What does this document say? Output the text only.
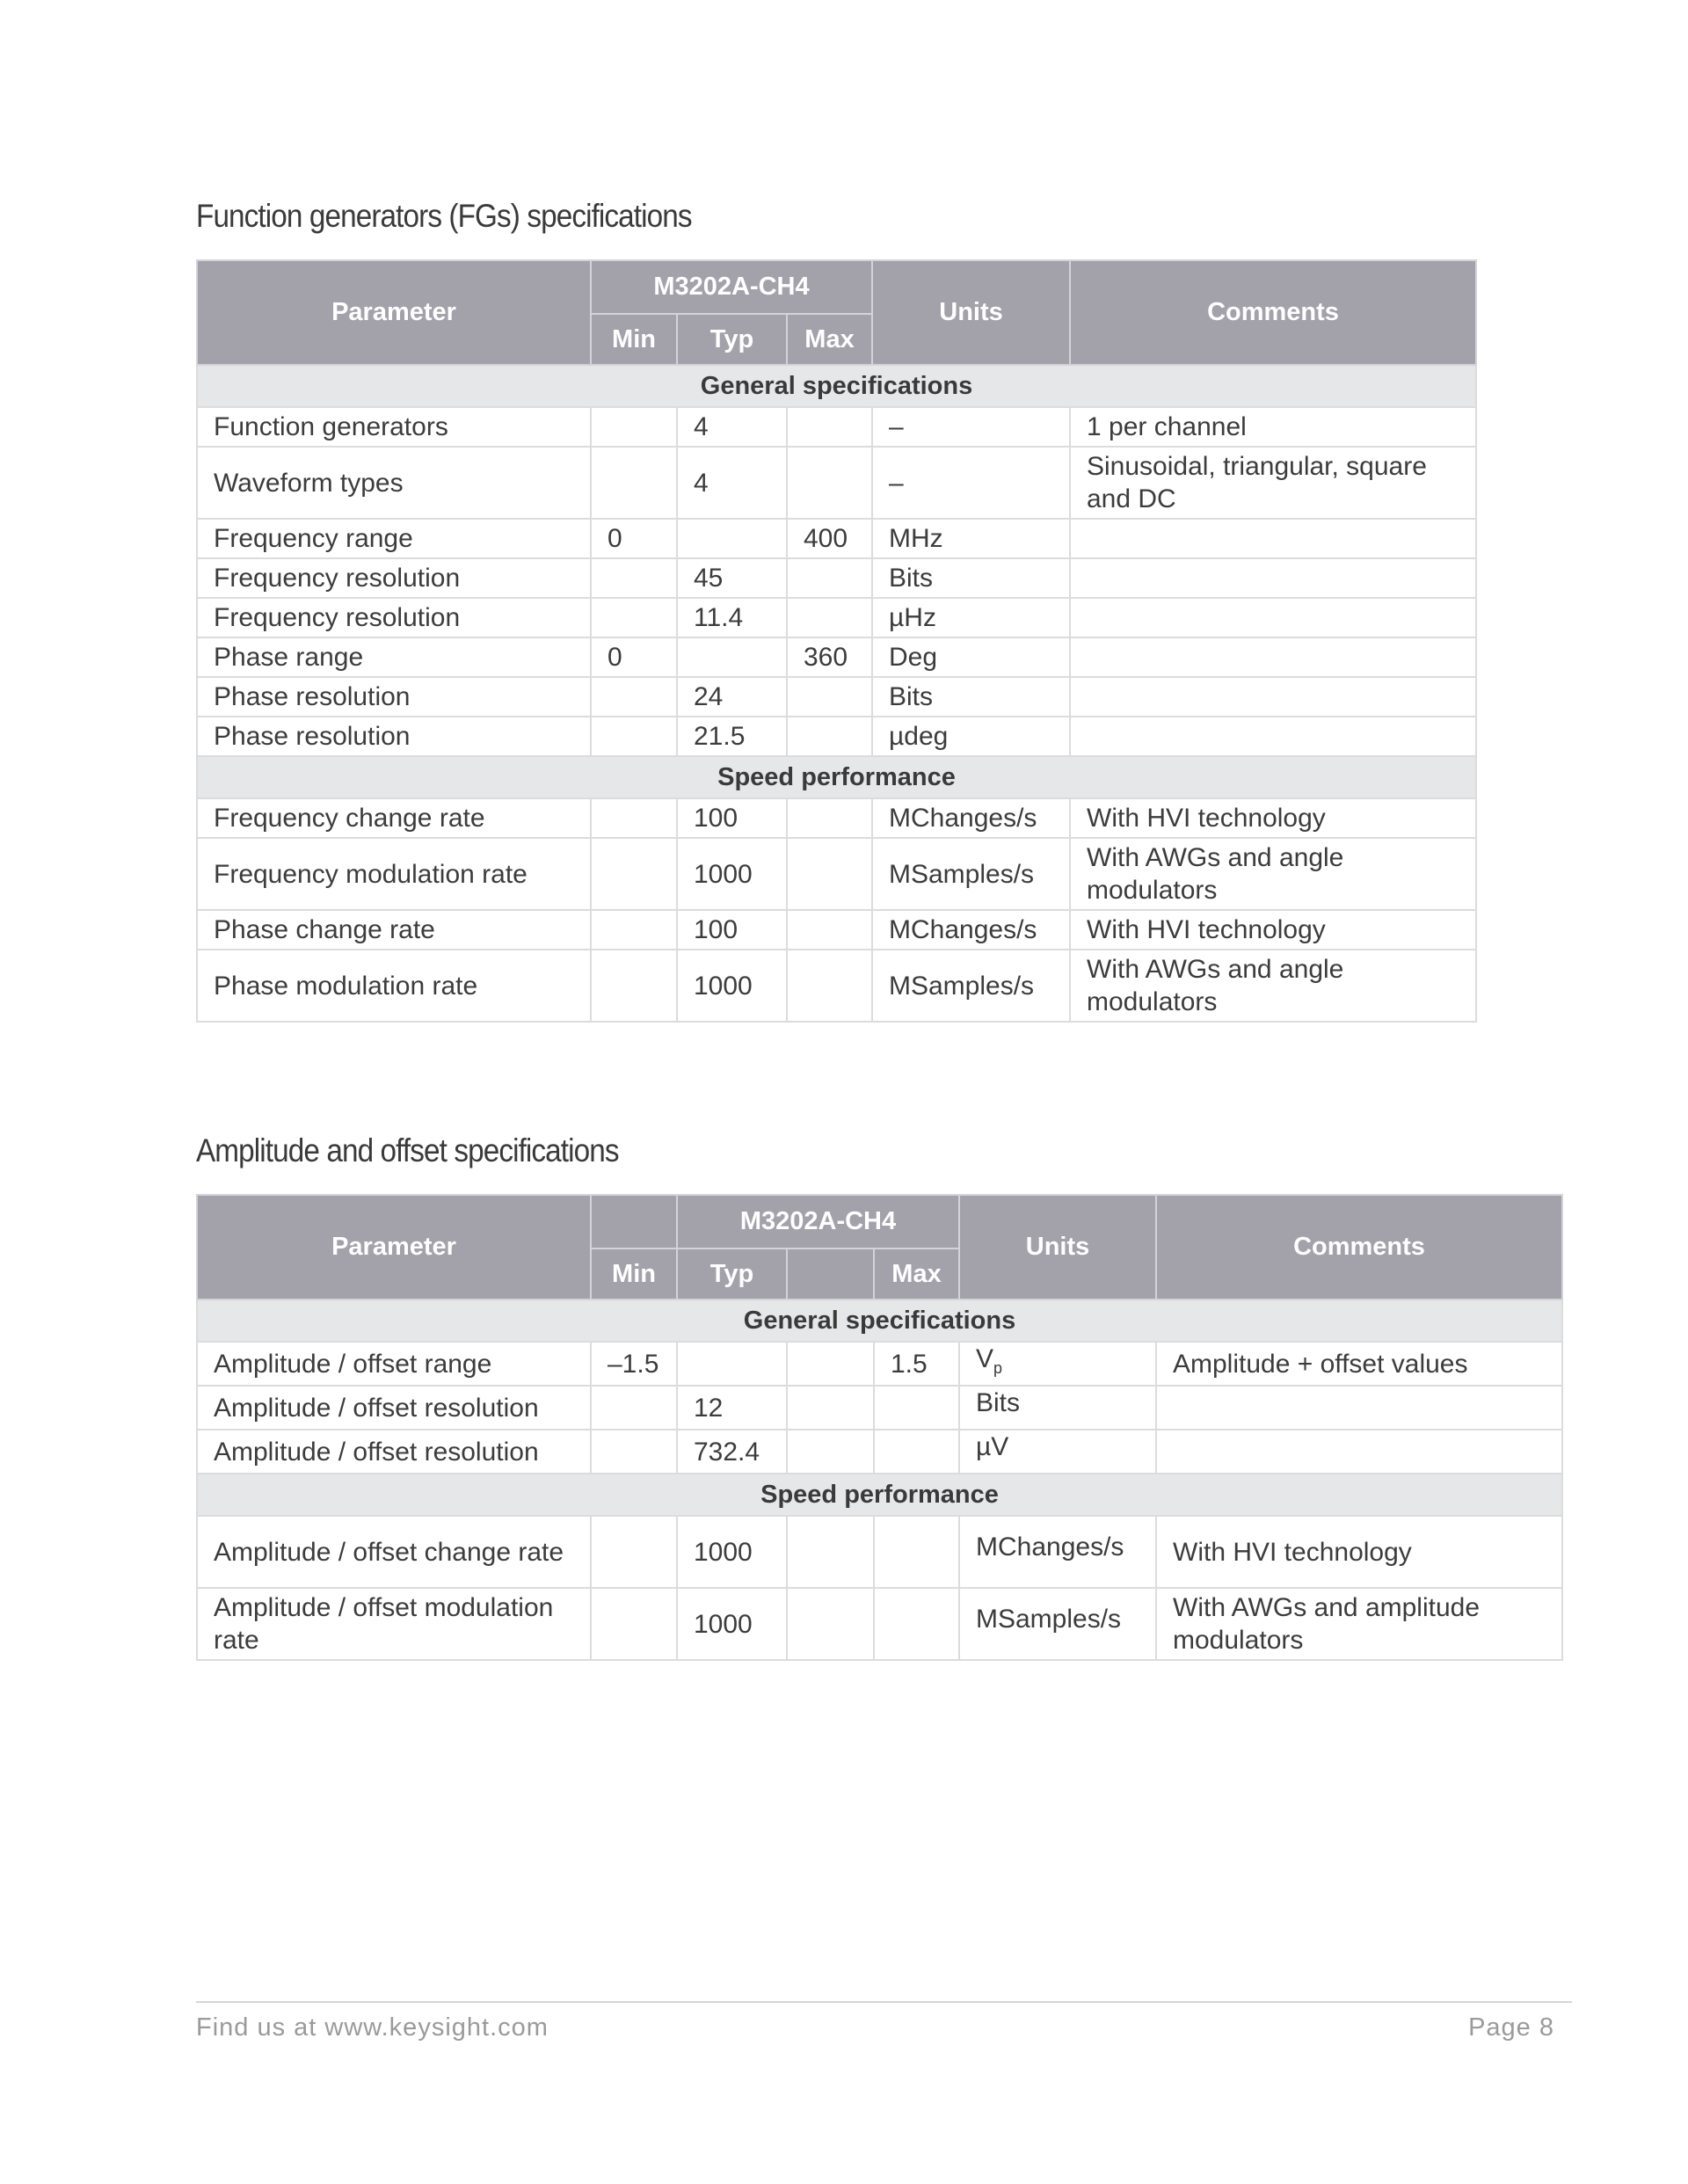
Function generators (FGs) specifications
Parameter	M3202A-CH4			Units	Comments
	Min	Typ	Max		
General specifications					
Function generators		4		–	1 per channel
Waveform types		4		–	Sinusoidal, triangular, square and DC
Frequency range	0		400	MHz	
Frequency resolution		45		Bits	
Frequency resolution		11.4		µHz	
Phase range	0		360	Deg	
Phase resolution		24		Bits	
Phase resolution		21.5		µdeg	
Speed performance					
Frequency change rate		100		MChanges/s	With HVI technology
Frequency modulation rate		1000		MSamples/s	With AWGs and angle modulators
Phase change rate		100		MChanges/s	With HVI technology
Phase modulation rate		1000		MSamples/s	With AWGs and angle modulators
Amplitude and offset specifications
Parameter		M3202A-CH4			Units	Comments
	Min	Typ		Max		
General specifications						
Amplitude / offset range	–1.5			1.5	$V_p$	Amplitude + offset values
Amplitude / offset resolution		12			Bits	
Amplitude / offset resolution		732.4			µV	
Speed performance						
Amplitude / offset change rate		1000			MChanges/s	With HVI technology
Amplitude / offset modulation rate		1000			MSamples/s	With AWGs and amplitude modulators
Find us at www.keysight.com	Page 8
